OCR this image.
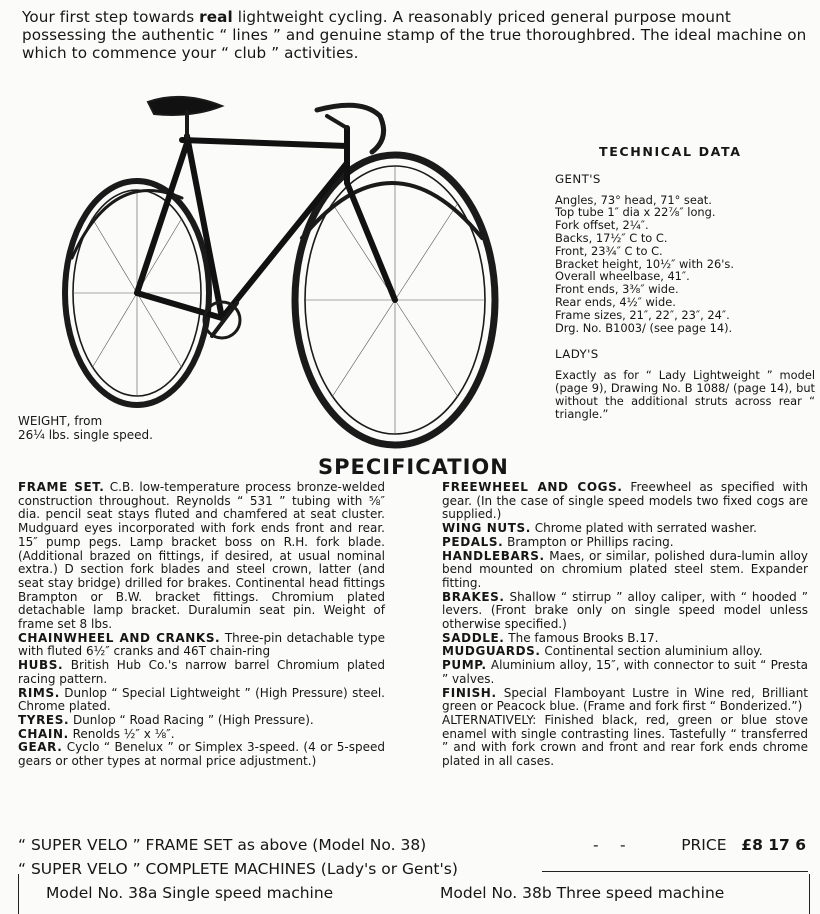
Your first step towards real lightweight cycling. A reasonably priced general purpose mount possessing the authentic “ lines ” and genuine stamp of the true thoroughbred. The ideal machine on which to commence your “ club ” activities.
WEIGHT, from
26¼ lbs. single speed.
TECHNICAL DATA
GENT'S
Angles, 73° head, 71° seat.
Top tube 1″ dia x 22⅞″ long.
Fork offset, 2¼″.
Backs, 17½″ C to C.
Front, 23¾″ C to C.
Bracket height, 10½″ with 26's.
Overall wheelbase, 41″.
Front ends, 3⅜″ wide.
Rear ends, 4½″ wide.
Frame sizes, 21″, 22″, 23″, 24″.
Drg. No. B1003/ (see page 14).
LADY'S
Exactly as for “ Lady Lightweight ” model (page 9), Drawing No. B 1088/ (page 14), but without the additional struts across rear “ triangle.”
SPECIFICATION

FRAME SET. C.B. low-temperature process bronze-welded construction throughout. Reynolds “ 531 ” tubing with ⅝″ dia. pencil seat stays fluted and chamfered at seat cluster. Mudguard eyes incorporated with fork ends front and rear. 15″ pump pegs. Lamp bracket boss on R.H. fork blade. (Additional brazed on fittings, if desired, at usual nominal extra.) D section fork blades and steel crown, latter (and seat stay bridge) drilled for brakes. Continental head fittings Brampton or B.W. bracket fittings. Chromium plated detachable lamp bracket. Duralumin seat pin. Weight of frame set 8 lbs.

CHAINWHEEL AND CRANKS. Three-pin detachable type with fluted 6½″ cranks and 46T chain-ring

HUBS. British Hub Co.'s narrow barrel Chromium plated racing pattern.

RIMS. Dunlop “ Special Lightweight ” (High Pressure) steel. Chrome plated.

TYRES. Dunlop “ Road Racing ” (High Pressure).

CHAIN. Renolds ½″ x ⅛″.

GEAR. Cyclo “ Benelux ” or Simplex 3-speed. (4 or 5-speed gears or other types at normal price adjustment.)

FREEWHEEL AND COGS. Freewheel as specified with gear. (In the case of single speed models two fixed cogs are supplied.)

WING NUTS. Chrome plated with serrated washer.

PEDALS. Brampton or Phillips racing.

HANDLEBARS. Maes, or similar, polished dura-lumin alloy bend mounted on chromium plated steel stem. Expander fitting.

BRAKES. Shallow “ stirrup ” alloy caliper, with “ hooded ” levers. (Front brake only on single speed model unless otherwise specified.)

SADDLE. The famous Brooks B.17.

MUDGUARDS. Continental section aluminium alloy.

PUMP. Aluminium alloy, 15″, with connector to suit “ Presta ” valves.

FINISH. Special Flamboyant Lustre in Wine red, Brilliant green or Peacock blue. (Frame and fork first “ Bonderized.”)

ALTERNATIVELY: Finished black, red, green or blue stove enamel with single contrasting lines. Tastefully “ transferred ” and with fork crown and front and rear fork ends chrome plated in all cases.

“ SUPER VELO ” FRAME SET as above (Model No. 38)	- -	PRICE £8 17 6
“ SUPER VELO ” COMPLETE MACHINES (Lady's or Gent's)
Model No. 38a Single speed machine	Model No. 38b Three speed machine
